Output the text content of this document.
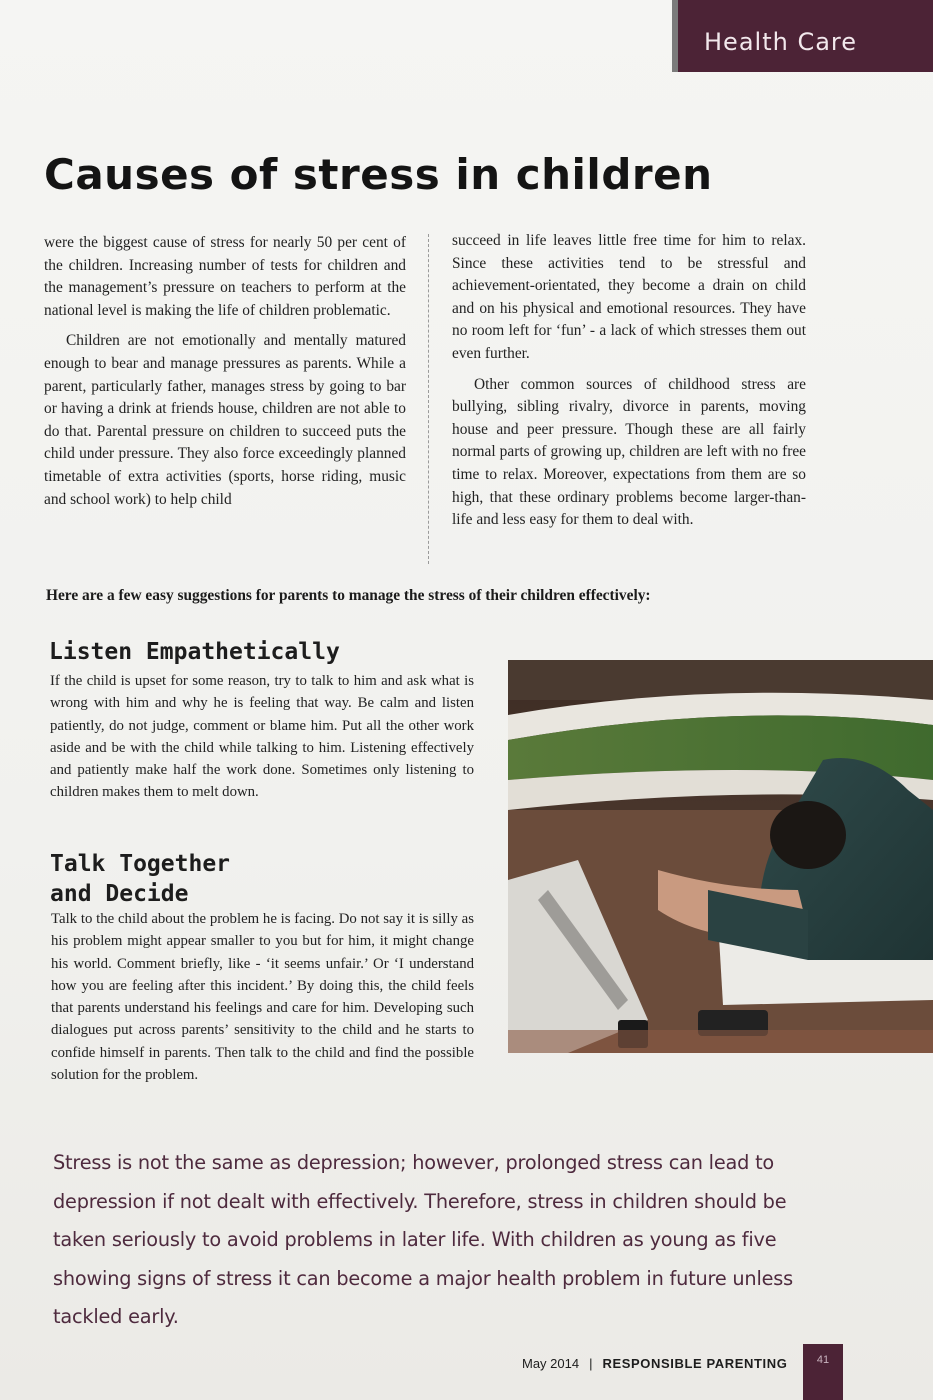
Health Care
Causes of stress in children

were the biggest cause of stress for nearly 50 per cent of the children. Increasing number of tests for children and the management’s pressure on teachers to perform at the national level is making the life of children problematic.

Children are not emotionally and mentally matured enough to bear and manage pressures as parents. While a parent, particularly father, manages stress by going to bar or having a drink at friends house, children are not able to do that. Parental pressure on children to succeed puts the child under pressure. They also force exceedingly planned timetable of extra activities (sports, horse riding, music and school work) to help child

succeed in life leaves little free time for him to relax. Since these activities tend to be stressful and achievement-orientated, they become a drain on child and on his physical and emotional resources. They have no room left for ‘fun’ - a lack of which stresses them out even further.

Other common sources of childhood stress are bullying, sibling rivalry, divorce in parents, moving house and peer pressure. Though these are all fairly normal parts of growing up, children are left with no free time to relax. Moreover, expectations from them are so high, that these ordinary problems become larger-than-life and less easy for them to deal with.

Here are a few easy suggestions for parents to manage the stress of their children effectively:
Listen Empathetically

If the child is upset for some reason, try to talk to him and ask what is wrong with him and why he is feeling that way. Be calm and listen patiently, do not judge, comment or blame him. Put all the other work aside and be with the child while talking to him. Listening effectively and patiently make half the work done. Sometimes only listening to children makes them to melt down.

Talk Together
and Decide

Talk to the child about the problem he is facing. Do not say it is silly as his problem might appear smaller to you but for him, it might change his world. Comment briefly, like - ‘it seems unfair.’ Or ‘I understand how you are feeling after this incident.’ By doing this, the child feels that parents understand his feelings and care for him. Developing such dialogues put across parents’ sensitivity to the child and he starts to confide himself in parents. Then talk to the child and find the possible solution for the problem.

Stress is not the same as depression; however, prolonged stress can lead to depression if not dealt with effectively. Therefore, stress in children should be taken seriously to avoid problems in later life. With children as young as five showing signs of stress it can become a major health problem in future unless tackled early.

May 2014 | RESPONSIBLE PARENTING	41
